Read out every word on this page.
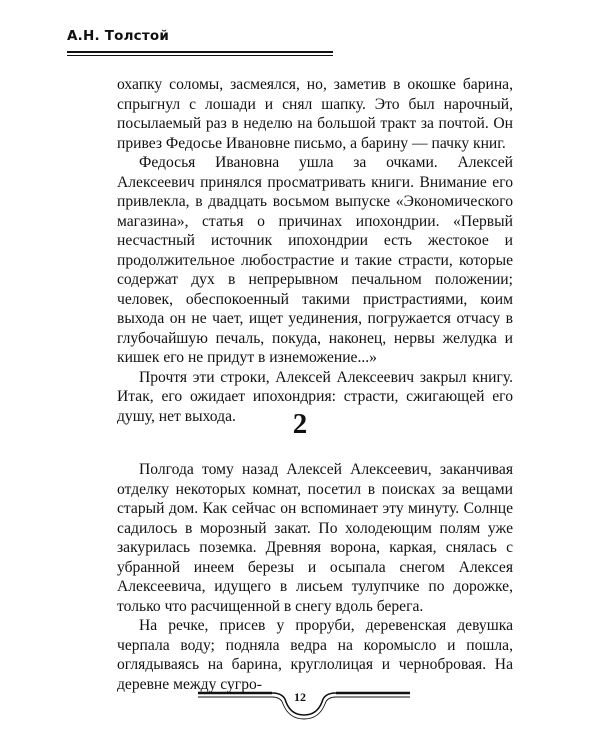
А.Н. Толстой

охапку соломы, засмеялся, но, заметив в окошке барина, спрыгнул с лошади и снял шапку. Это был нарочный, посылаемый раз в неделю на большой тракт за почтой. Он привез Федосье Ивановне письмо, а барину — пачку книг.

Федосья Ивановна ушла за очками. Алексей Алексеевич принялся просматривать книги. Внимание его привлекла, в двадцать восьмом выпуске «Экономического магазина», статья о причинах ипохондрии. «Первый несчастный источник ипохондрии есть жестокое и продолжительное любострастие и такие страсти, которые содержат дух в непрерывном печальном положении; человек, обеспокоенный такими пристрастиями, коим выхода он не чает, ищет уединения, погружается отчасу в глубочайшую печаль, покуда, наконец, нервы желудка и кишек его не придут в изнеможение...»

Прочтя эти строки, Алексей Алексеевич закрыл книгу. Итак, его ожидает ипохондрия: страсти, сжигающей его душу, нет выхода.	2

Полгода тому назад Алексей Алексеевич, заканчивая отделку некоторых комнат, посетил в поисках за вещами старый дом. Как сейчас он вспоминает эту минуту. Солнце садилось в морозный закат. По холодеющим полям уже закурилась поземка. Древняя ворона, каркая, снялась с убранной инеем березы и осыпала снегом Алексея Алексеевича, идущего в лисьем тулупчике по дорожке, только что расчищенной в снегу вдоль берега.

На речке, присев у проруби, деревенская девушка черпала воду; подняла ведра на коромысло и пошла, оглядываясь на барина, круглолицая и чернобровая. На деревне между сугро-

12
